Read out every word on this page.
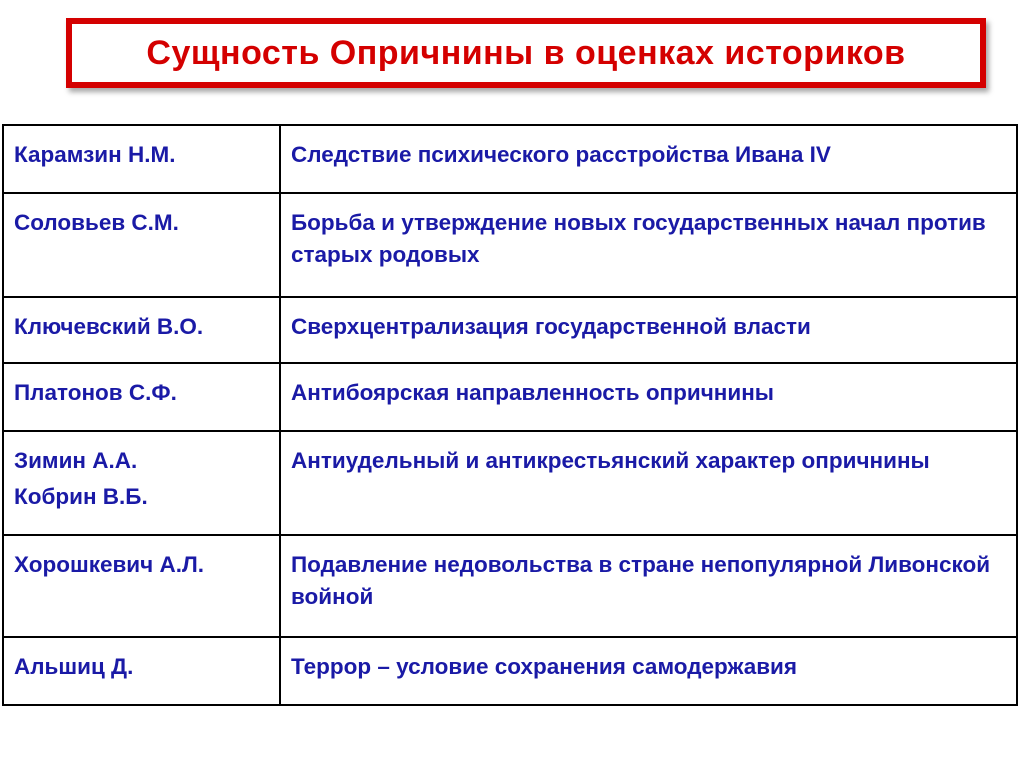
Сущность Опричнины в оценках историков
Карамзин Н.М.	Следствие психического расстройства Ивана IV

Соловьев С.М.	Борьба и утверждение новых государственных начал против старых родовых

Ключевский В.О.	Сверхцентрализация государственной власти

Платонов С.Ф.	Антибоярская направленность опричнины

Зимин А.А.
Кобрин В.Б.	Антиудельный и антикрестьянский характер опричнины

Хорошкевич А.Л.	Подавление недовольства в стране непопулярной Ливонской войной

Альшиц Д.	Террор – условие сохранения самодержавия
